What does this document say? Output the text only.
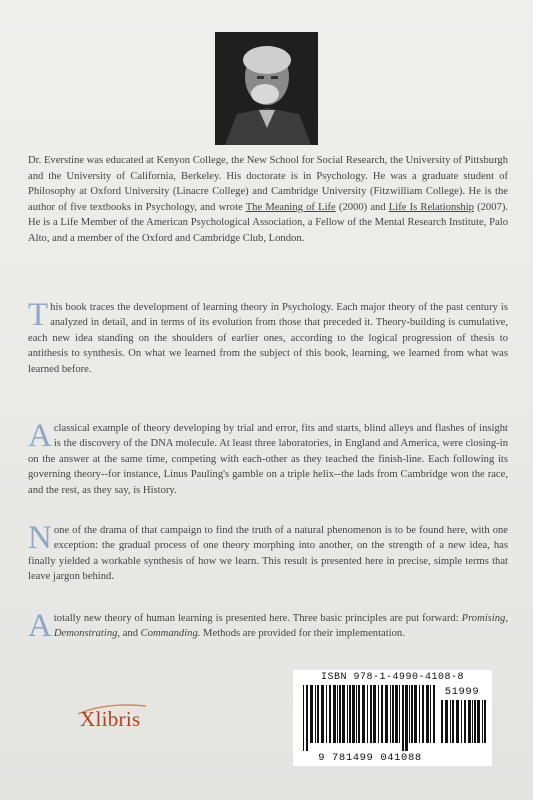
Dr. Everstine was educated at Kenyon College, the New School for Social Research, the University of Pittsburgh and the University of California, Berkeley. His doctorate is in Psychology. He was a graduate student of Philosophy at Oxford University (Linacre College) and Cambridge University (Fitzwilliam College). He is the author of five textbooks in Psychology, and wrote The Meaning of Life (2000) and Life Is Relationship (2007). He is a Life Member of the American Psychological Association, a Fellow of the Mental Research Institute, Palo Alto, and a member of the Oxford and Cambridge Club, London.
This book traces the development of learning theory in Psychology. Each major theory of the past century is analyzed in detail, and in terms of its evolution from those that preceded it. Theory-building is cumulative, each new idea standing on the shoulders of earlier ones, according to the logical progression of thesis to antithesis to synthesis. On what we learned from the subject of this book, learning, we learned from what was learned before.
A classical example of theory developing by trial and error, fits and starts, blind alleys and flashes of insight is the discovery of the DNA molecule. At least three laboratories, in England and America, were closing-in on the answer at the same time, competing with each-other as they teached the finish-line. Each following its governing theory--for instance, Linus Pauling's gamble on a triple helix--the lads from Cambridge won the race, and the rest, as they say, is History.
None of the drama of that campaign to find the truth of a natural phenomenon is to be found here, with one exception: the gradual process of one theory morphing into another, on the strength of a new idea, has finally yielded a workable synthesis of how we learn. This result is presented here in precise, simple terms that leave jargon behind.
A totally new theory of human learning is presented here. Three basic principles are put forward: Promising, Demonstrating, and Commanding. Methods are provided for their implementation.
Xlibris
ISBN 978-1-4990-4108-8
51999
9 781499 041088
